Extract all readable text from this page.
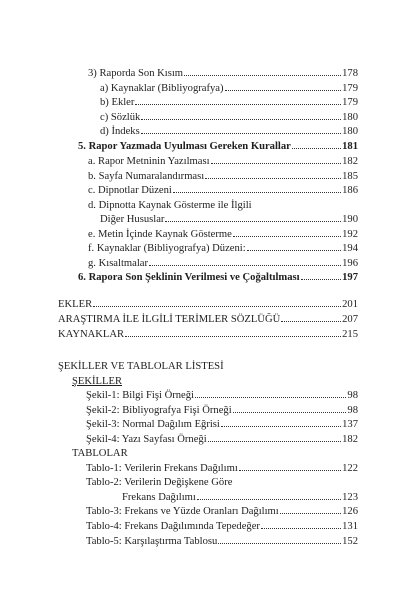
3) Raporda Son Kısım	178
a) Kaynaklar (Bibliyografya)	179
b) Ekler	179
c) Sözlük	180
d) İndeks	180
5. Rapor Yazmada Uyulması Gereken Kurallar	181
a. Rapor Metninin Yazılması	182
b. Sayfa Numaralandırması	185
c. Dipnotlar Düzeni	186
d. Dipnotta Kaynak Gösterme ile İlgili
Diğer Hususlar	190
e. Metin İçinde Kaynak Gösterme	192
f. Kaynaklar (Bibliyografya) Düzeni:	194
g. Kısaltmalar	196
6. Rapora Son Şeklinin Verilmesi ve Çoğaltılması	197
EKLER	201
ARAŞTIRMA İLE İLGİLİ TERİMLER SÖZLÜĞÜ	207
KAYNAKLAR	215
ŞEKİLLER VE TABLOLAR LİSTESİ
ŞEKİLLER
Şekil-1: Bilgi Fişi Örneği	98
Şekil-2: Bibliyografya Fişi Örneği	98
Şekil-3: Normal Dağılım Eğrisi	137
Şekil-4: Yazı Sayfası Örneği	182
TABLOLAR
Tablo-1: Verilerin Frekans Dağılımı	122
Tablo-2: Verilerin Değişkene Göre
Frekans Dağılımı	123
Tablo-3: Frekans ve Yüzde Oranları Dağılımı	126
Tablo-4: Frekans Dağılımında Tepedeğer	131
Tablo-5: Karşılaştırma Tablosu	152
